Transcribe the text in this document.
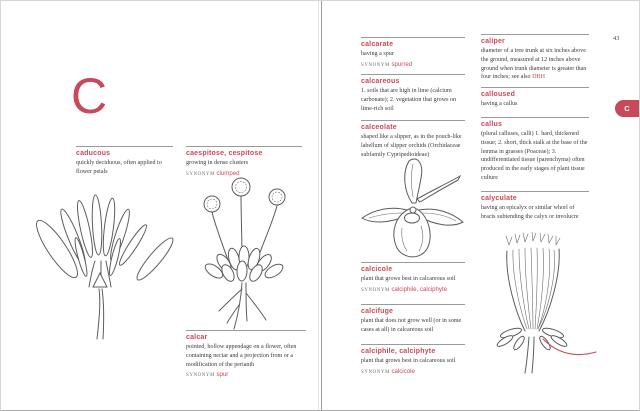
C
caducous

quickly deciduous, often applied to flower petals

caespitose, cespitose

growing in dense clusters

SYNONYM clumped

calcar

pointed, hollow appendage on a flower, often containing nectar and a projection from or a modification of the perianth

SYNONYM spur

43
C
calcarate

having a spur

SYNONYM spurred

calcareous

1. soils that are high in lime (calcium carbonate); 2. vegetation that grows on lime-rich soil

calceolate

shaped like a slipper, as in the pouch-like labellum of slipper orchids (Orchidaceae subfamily Cypripedioideae)

calcicole

plant that grows best in calcareous soil

SYNONYM calciphile, calciphyte

calcifuge

plant that does not grow well (or in some cases at all) in calcareous soil

calciphile, calciphyte

plant that grows best in calcareous soil

SYNONYM calcicole

caliper

diameter of a tree trunk at six inches above the ground, measured at 12 inches above ground when trunk diameter is greater than four inches; see also DBH

calloused

having a callus

callus

(plural calluses, calli) 1. hard, thickened tissue; 2. short, thick stalk at the base of the lemma in grasses (Poaceae); 3. undifferentiated tissue (parenchyma) often produced in the early stages of plant tissue culture

calyculate

having an epicalyx or similar whorl of bracts subtending the calyx or involucre
